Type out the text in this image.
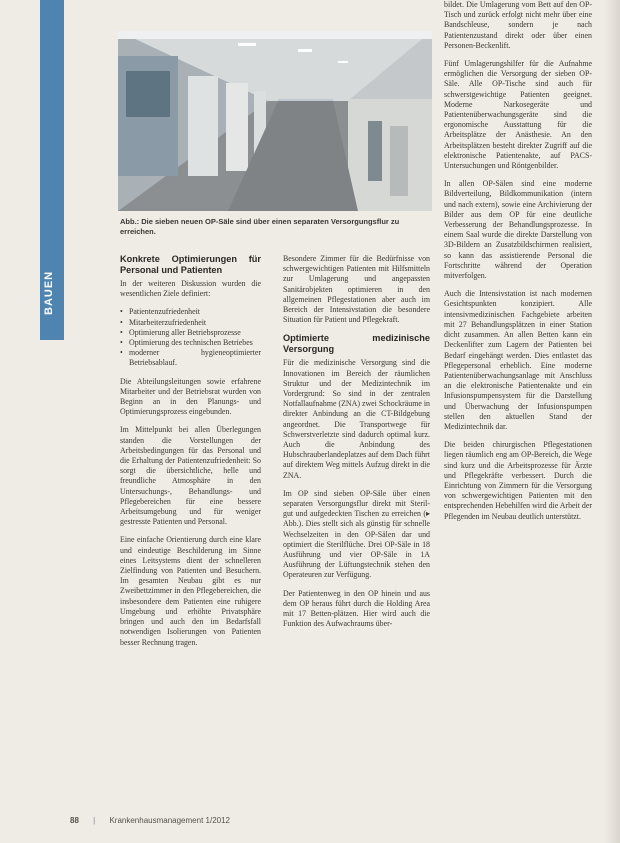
BAUEN
Abb.: Die sieben neuen OP-Säle sind über einen separaten Versorgungsflur zu erreichen.
Konkrete Optimierungen für Personal und Patienten

In der weiteren Diskussion wurden die wesentlichen Ziele definiert:

• Patientenzufriedenheit
• Mitarbeiterzufriedenheit
• Optimierung aller Betriebsprozesse
• Optimierung des technischen Betriebes
• moderner hygieneoptimierter Betriebsablauf.

Die Abteilungsleitungen sowie erfahrene Mitarbeiter und der Betriebsrat wurden von Beginn an in den Planungs- und Optimierungsprozess eingebunden.

Im Mittelpunkt bei allen Überlegungen standen die Vorstellungen der Arbeitsbedingungen für das Personal und die Erhaltung der Patientenzufriedenheit: So sorgt die übersichtliche, helle und freundliche Atmosphäre in den Untersuchungs-, Behandlungs- und Pflegebereichen für eine bessere Arbeitsumgebung und für weniger gestresste Patienten und Personal.

Eine einfache Orientierung durch eine klare und eindeutige Beschilderung im Sinne eines Leitsystems dient der schnelleren Zielfindung von Patienten und Besuchern. Im gesamten Neubau gibt es nur Zweibettzimmer in den Pflegebereichen, die insbesondere dem Patienten eine ruhigere Umgebung und erhöhte Privatsphäre bringen und auch den im Bedarfsfall notwendigen Isolierungen von Patienten besser Rechnung tragen.

Besondere Zimmer für die Bedürfnisse von schwergewichtigen Patienten mit Hilfsmitteln zur Umlagerung und angepassten Sanitärobjekten optimieren in den allgemeinen Pflegestationen aber auch im Bereich der Intensivstation die besondere Situation für Patient und Pflegekraft.

Optimierte medizinische Versorgung

Für die medizinische Versorgung sind die Innovationen im Bereich der räumlichen Struktur und der Medizintechnik im Vordergrund: So sind in der zentralen Notfallaufnahme (ZNA) zwei Schockräume in direkter Anbindung an die CT-Bildgebung angeordnet. Die Transportwege für Schwerstverletzte sind dadurch optimal kurz. Auch die Anbindung des Hubschrauberlandeplatzes auf dem Dach führt auf direktem Weg mittels Aufzug direkt in die ZNA.

Im OP sind sieben OP-Säle über einen separaten Versorgungsflur direkt mit Steril- gut und aufgedeckten Tischen zu erreichen (▸ Abb.). Dies stellt sich als günstig für schnelle Wechselzeiten in den OP-Sälen dar und optimiert die Sterilflüche. Drei OP-Säle in 18 Ausführung und vier OP-Säle in 1A Ausführung der Lüftungstechnik stehen den Operateuren zur Verfügung.

Der Patientenweg in den OP hinein und aus dem OP heraus führt durch die Holding Area mit 17 Betten-plätzen. Hier wird auch die Funktion des Aufwachraums über-

bildet. Die Umlagerung vom Bett auf den OP-Tisch und zurück erfolgt nicht mehr über eine Bandschleuse, sondern je nach Patientenzustand direkt oder über einen Personen-Beckenlift.

Fünf Umlagerungshilfer für die Aufnahme ermöglichen die Versorgung der sieben OP-Säle. Alle OP-Tische sind auch für schwerstgewichtige Patienten geeignet. Moderne Narkosegeräte und Patientenüberwachungsgeräte sind die ergonomische Ausstattung für die Arbeitsplätze der Anästhesie. An den Arbeitsplätzen besteht direkter Zugriff auf die elektronische Patientenakte, auf PACS-Untersuchungen und Röntgenbilder.

In allen OP-Sälen sind eine moderne Bildverteilung, Bildkommunikation (intern und nach extern), sowie eine Archivierung der Bilder aus dem OP für eine deutliche Verbesserung der Behandlungsprozesse. In einem Saal wurde die direkte Darstellung von 3D-Bildern an Zusatzbildschirmen realisiert, so kann das assistierende Personal die Fortschritte während der Operation mitverfolgen.

Auch die Intensivstation ist nach modernen Gesichtspunkten konzipiert. Alle intensivmedizinischen Fachgebiete arbeiten mit 27 Behandlungsplätzen in einer Station dicht zusammen. An allen Betten kann ein Deckenlifter zum Lagern der Patienten bei Bedarf eingehängt werden. Dies entlastet das Pflegepersonal erheblich. Eine moderne Patientenüberwachungsanlage mit Anschluss an die elektronische Patientenakte und ein Infusionspumpensystem für die Darstellung und Überwachung der Infusionspumpen stellen den aktuellen Stand der Medizintechnik dar.

Die beiden chirurgischen Pflegestationen liegen räumlich eng am OP-Bereich, die Wege sind kurz und die Arbeitsprozesse für Ärzte und Pflegekräfte verbessert. Durch die Einrichtung von Zimmern für die Versorgung von schwergewichtigen Patienten mit den entsprechenden Hebehilfen wird die Arbeit der Pflegenden im Neubau deutlich unterstützt.

88 | Krankenhausmanagement 1/2012
